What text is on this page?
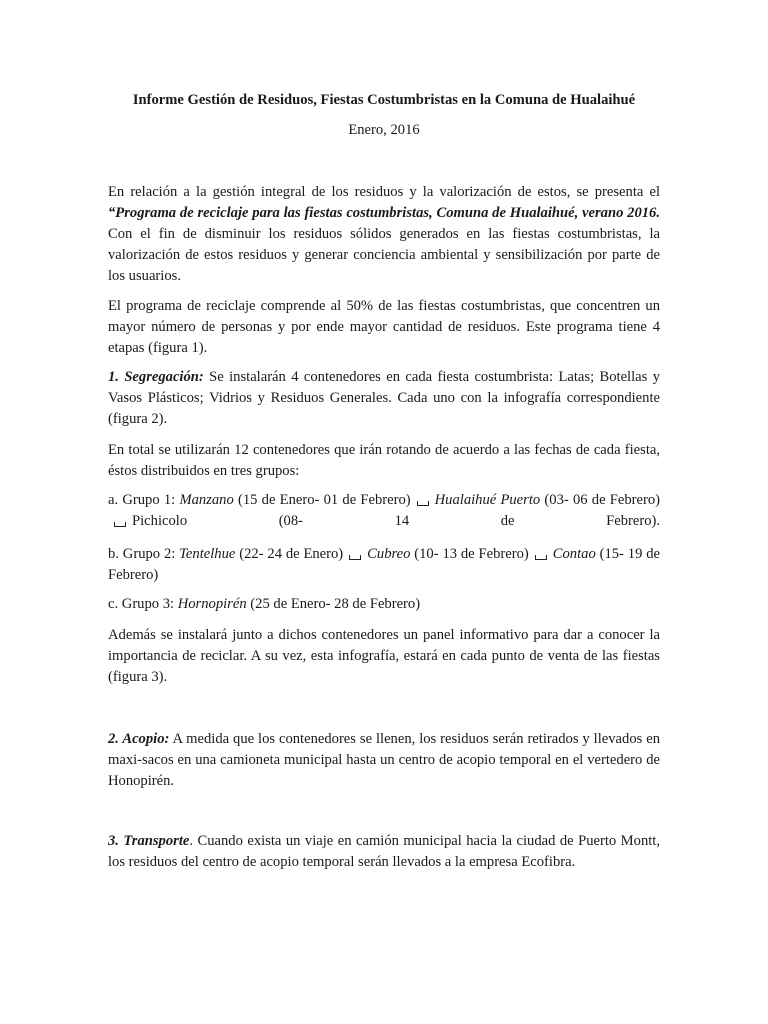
Informe Gestión de Residuos, Fiestas Costumbristas en la Comuna de Hualaihué
Enero, 2016

En relación a la gestión integral de los residuos y la valorización de estos, se presenta el “Programa de reciclaje para las fiestas costumbristas, Comuna de Hualaihué, verano 2016. Con el fin de disminuir los residuos sólidos generados en las fiestas costumbristas, la valorización de estos residuos y generar conciencia ambiental y sensibilización por parte de los usuarios.

El programa de reciclaje comprende al 50% de las fiestas costumbristas, que concentren un mayor número de personas y por ende mayor cantidad de residuos. Este programa tiene 4 etapas (figura 1).

1. Segregación: Se instalarán 4 contenedores en cada fiesta costumbrista: Latas; Botellas y Vasos Plásticos; Vidrios y Residuos Generales. Cada uno con la infografía correspondiente (figura 2).

En total se utilizarán 12 contenedores que irán rotando de acuerdo a las fechas de cada fiesta, éstos distribuidos en tres grupos:

a. Grupo 1: Manzano (15 de Enero- 01 de Febrero) Hualaihué Puerto (03- 06 de Febrero)Pichicolo (08- 14 de Febrero).

b. Grupo 2: Tentelhue (22- 24 de Enero) Cubreo (10- 13 de Febrero) Contao (15- 19 de Febrero)

c. Grupo 3: Hornopirén (25 de Enero- 28 de Febrero)

Además se instalará junto a dichos contenedores un panel informativo para dar a conocer la importancia de reciclar. A su vez, esta infografía, estará en cada punto de venta de las fiestas (figura 3).

2. Acopio: A medida que los contenedores se llenen, los residuos serán retirados y llevados en maxi-sacos en una camioneta municipal hasta un centro de acopio temporal en el vertedero de Honopirén.

3. Transporte. Cuando exista un viaje en camión municipal hacia la ciudad de Puerto Montt, los residuos del centro de acopio temporal serán llevados a la empresa Ecofibra.
